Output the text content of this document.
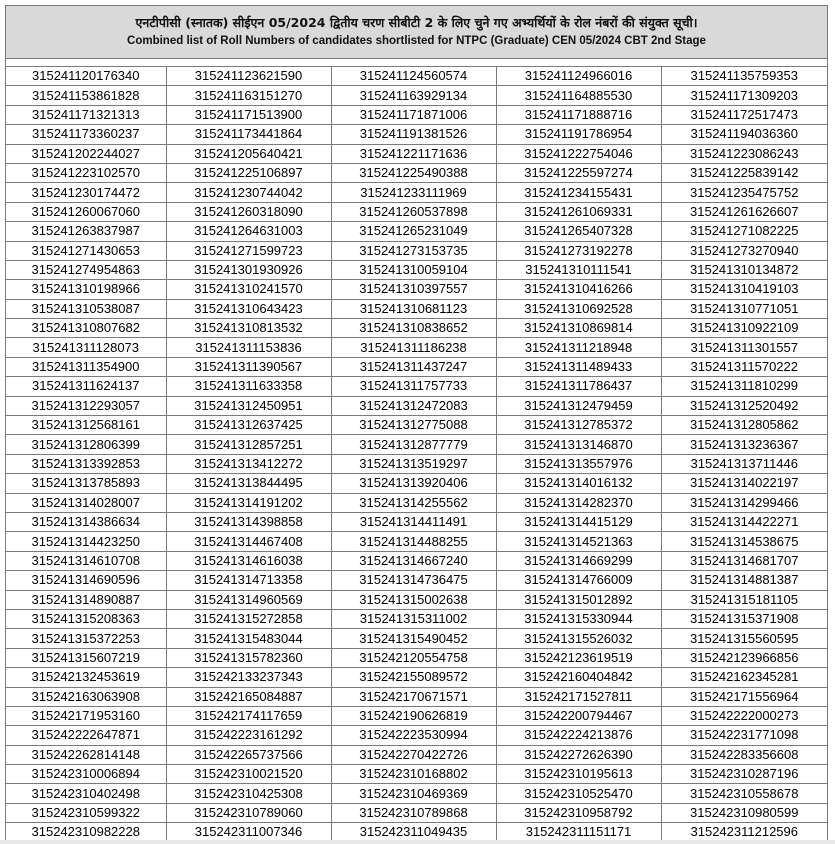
एनटीपीसी (स्नातक) सीईएन 05/2024 द्वितीय चरण सीबीटी 2 के लिए चुने गए अभ्यर्थियों के रोल नंबरों की संयुक्त सूची।
Combined list of Roll Numbers of candidates shortlisted for NTPC (Graduate) CEN 05/2024 CBT 2nd Stage
315241120176340	315241123621590	315241124560574	315241124966016	315241135759353
315241153861828	315241163151270	315241163929134	315241164885530	315241171309203
315241171321313	315241171513900	315241171871006	315241171888716	315241172517473
315241173360237	315241173441864	315241191381526	315241191786954	315241194036360
315241202244027	315241205640421	315241221171636	315241222754046	315241223086243
315241223102570	315241225106897	315241225490388	315241225597274	315241225839142
315241230174472	315241230744042	315241233111969	315241234155431	315241235475752
315241260067060	315241260318090	315241260537898	315241261069331	315241261626607
315241263837987	315241264631003	315241265231049	315241265407328	315241271082225
315241271430653	315241271599723	315241273153735	315241273192278	315241273270940
315241274954863	315241301930926	315241310059104	315241310111541	315241310134872
315241310198966	315241310241570	315241310397557	315241310416266	315241310419103
315241310538087	315241310643423	315241310681123	315241310692528	315241310771051
315241310807682	315241310813532	315241310838652	315241310869814	315241310922109
315241311128073	315241311153836	315241311186238	315241311218948	315241311301557
315241311354900	315241311390567	315241311437247	315241311489433	315241311570222
315241311624137	315241311633358	315241311757733	315241311786437	315241311810299
315241312293057	315241312450951	315241312472083	315241312479459	315241312520492
315241312568161	315241312637425	315241312775088	315241312785372	315241312805862
315241312806399	315241312857251	315241312877779	315241313146870	315241313236367
315241313392853	315241313412272	315241313519297	315241313557976	315241313711446
315241313785893	315241313844495	315241313920406	315241314016132	315241314022197
315241314028007	315241314191202	315241314255562	315241314282370	315241314299466
315241314386634	315241314398858	315241314411491	315241314415129	315241314422271
315241314423250	315241314467408	315241314488255	315241314521363	315241314538675
315241314610708	315241314616038	315241314667240	315241314669299	315241314681707
315241314690596	315241314713358	315241314736475	315241314766009	315241314881387
315241314890887	315241314960569	315241315002638	315241315012892	315241315181105
315241315208363	315241315272858	315241315311002	315241315330944	315241315371908
315241315372253	315241315483044	315241315490452	315241315526032	315241315560595
315241315607219	315241315782360	315242120554758	315242123619519	315242123966856
315242132453619	315242133237343	315242155089572	315242160404842	315242162345281
315242163063908	315242165084887	315242170671571	315242171527811	315242171556964
315242171953160	315242174117659	315242190626819	315242200794467	315242222000273
315242222647871	315242223161292	315242223530994	315242224213876	315242231771098
315242262814148	315242265737566	315242270422726	315242272626390	315242283356608
315242310006894	315242310021520	315242310168802	315242310195613	315242310287196
315242310402498	315242310425308	315242310469369	315242310525470	315242310558678
315242310599322	315242310789060	315242310789868	315242310958792	315242310980599
315242310982228	315242311007346	315242311049435	315242311151171	315242311212596
